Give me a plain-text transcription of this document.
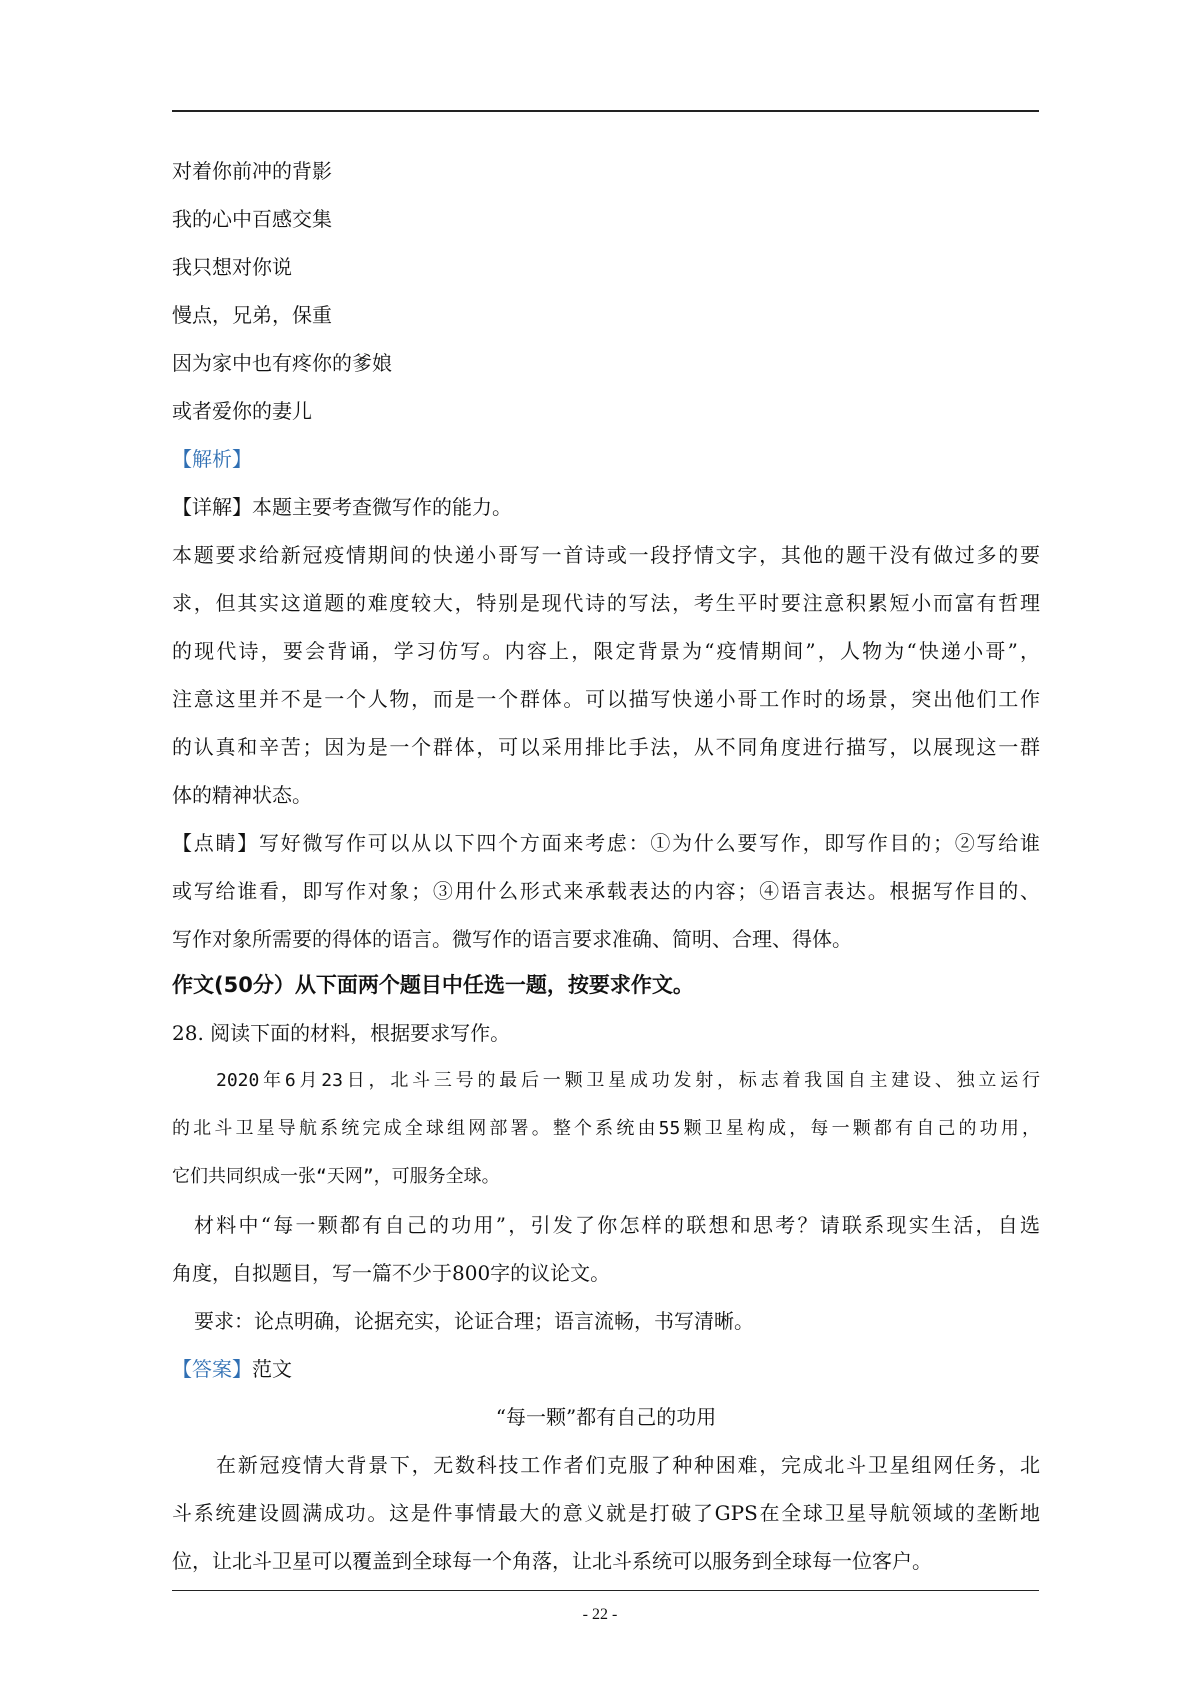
对着你前冲的背影
我的心中百感交集
我只想对你说
慢点，兄弟，保重
因为家中也有疼你的爹娘
或者爱你的妻儿
【解析】
【详解】本题主要考查微写作的能力。
本题要求给新冠疫情期间的快递小哥写一首诗或一段抒情文字，其他的题干没有做过多的要
求，但其实这道题的难度较大，特别是现代诗的写法，考生平时要注意积累短小而富有哲理
的现代诗，要会背诵，学习仿写。内容上，限定背景为“疫情期间”，人物为“快递小哥”，
注意这里并不是一个人物，而是一个群体。可以描写快递小哥工作时的场景，突出他们工作
的认真和辛苦；因为是一个群体，可以采用排比手法，从不同角度进行描写，以展现这一群
体的精神状态。
【点睛】写好微写作可以从以下四个方面来考虑：①为什么要写作，即写作目的；②写给谁
或写给谁看，即写作对象；③用什么形式来承载表达的内容；④语言表达。根据写作目的、
写作对象所需要的得体的语言。微写作的语言要求准确、简明、合理、得体。
作文(50分）从下面两个题目中任选一题，按要求作文。
28. 阅读下面的材料，根据要求写作。
2020年6月23日，北斗三号的最后一颗卫星成功发射，标志着我国自主建设、独立运行
的北斗卫星导航系统完成全球组网部署。整个系统由55颗卫星构成，每一颗都有自己的功用，
它们共同织成一张“天网”，可服务全球。
材料中“每一颗都有自己的功用”，引发了你怎样的联想和思考？请联系现实生活，自选
角度，自拟题目，写一篇不少于800字的议论文。
要求：论点明确，论据充实，论证合理；语言流畅，书写清晰。
【答案】范文
“每一颗”都有自己的功用
在新冠疫情大背景下，无数科技工作者们克服了种种困难，完成北斗卫星组网任务，北
斗系统建设圆满成功。这是件事情最大的意义就是打破了GPS在全球卫星导航领域的垄断地
位，让北斗卫星可以覆盖到全球每一个角落，让北斗系统可以服务到全球每一位客户。
- 22 -
